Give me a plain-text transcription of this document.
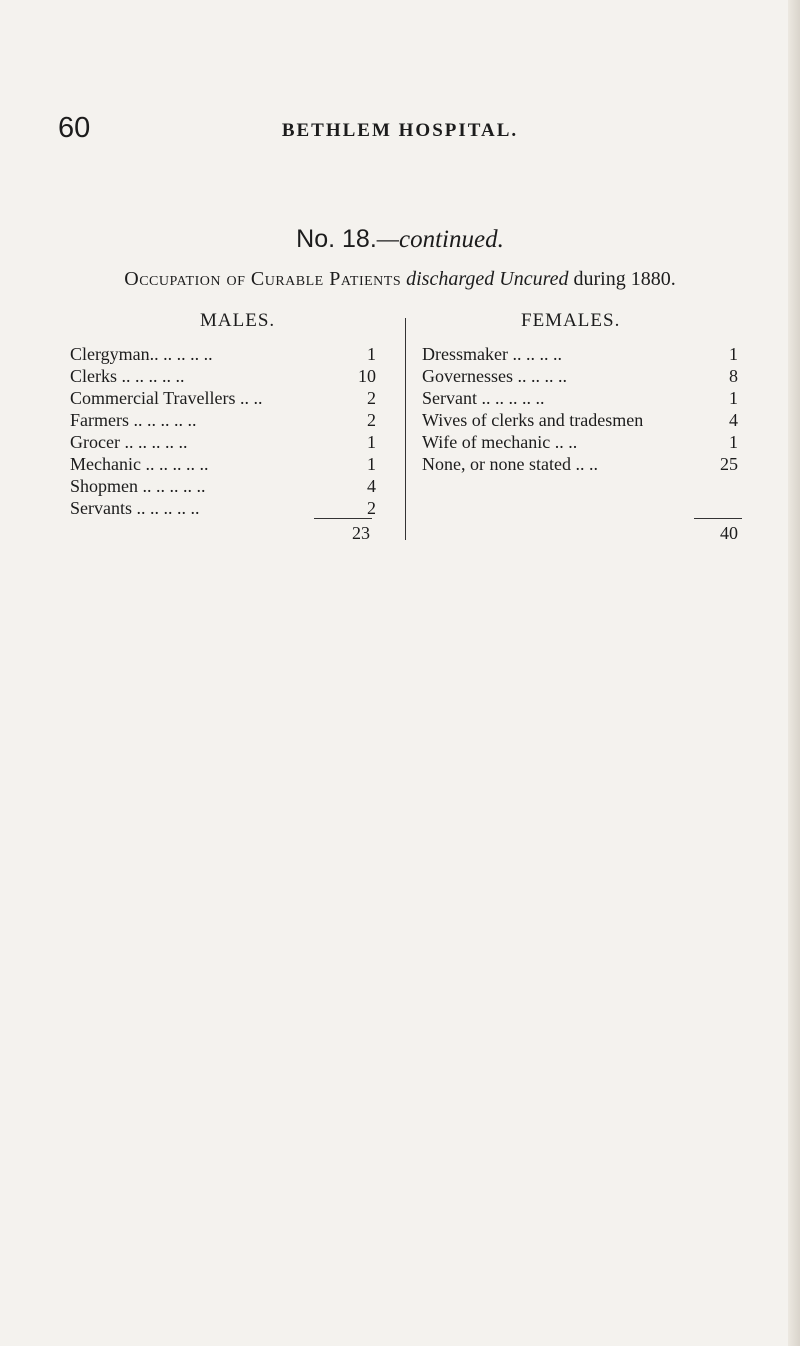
60	BETHLEM HOSPITAL.
No. 18.—continued.
Occupation of Curable Patients discharged Uncured during 1880.
MALES.	FEMALES.
Clergyman.. .. .. .. ..	1
Clerks .. .. .. .. ..	10
Commercial Travellers .. ..	2
Farmers .. .. .. .. ..	2
Grocer .. .. .. .. ..	1
Mechanic .. .. .. .. ..	1
Shopmen .. .. .. .. ..	4
Servants .. .. .. .. ..	2
Dressmaker .. .. .. ..	1
Governesses .. .. .. ..	8
Servant .. .. .. .. ..	1
Wives of clerks and tradesmen	4
Wife of mechanic .. ..	1
None, or none stated .. ..	25
23	40
